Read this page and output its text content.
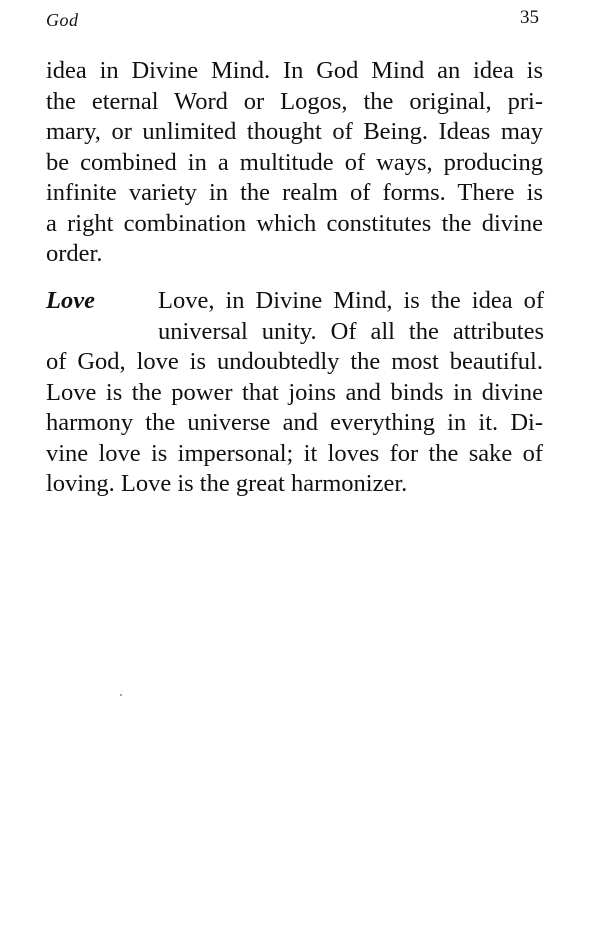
God	35
idea in Divine Mind. In God Mind an idea is
the eternal Word or Logos, the original, pri-
mary, or unlimited thought of Being. Ideas may
be combined in a multitude of ways, producing
infinite variety in the realm of forms. There is
a right combination which constitutes the divine
order.
Love	Love, in Divine Mind, is the idea of
universal unity. Of all the attributes
of God, love is undoubtedly the most beautiful.
Love is the power that joins and binds in divine
harmony the universe and everything in it. Di-
vine love is impersonal; it loves for the sake of
loving. Love is the great harmonizer.
